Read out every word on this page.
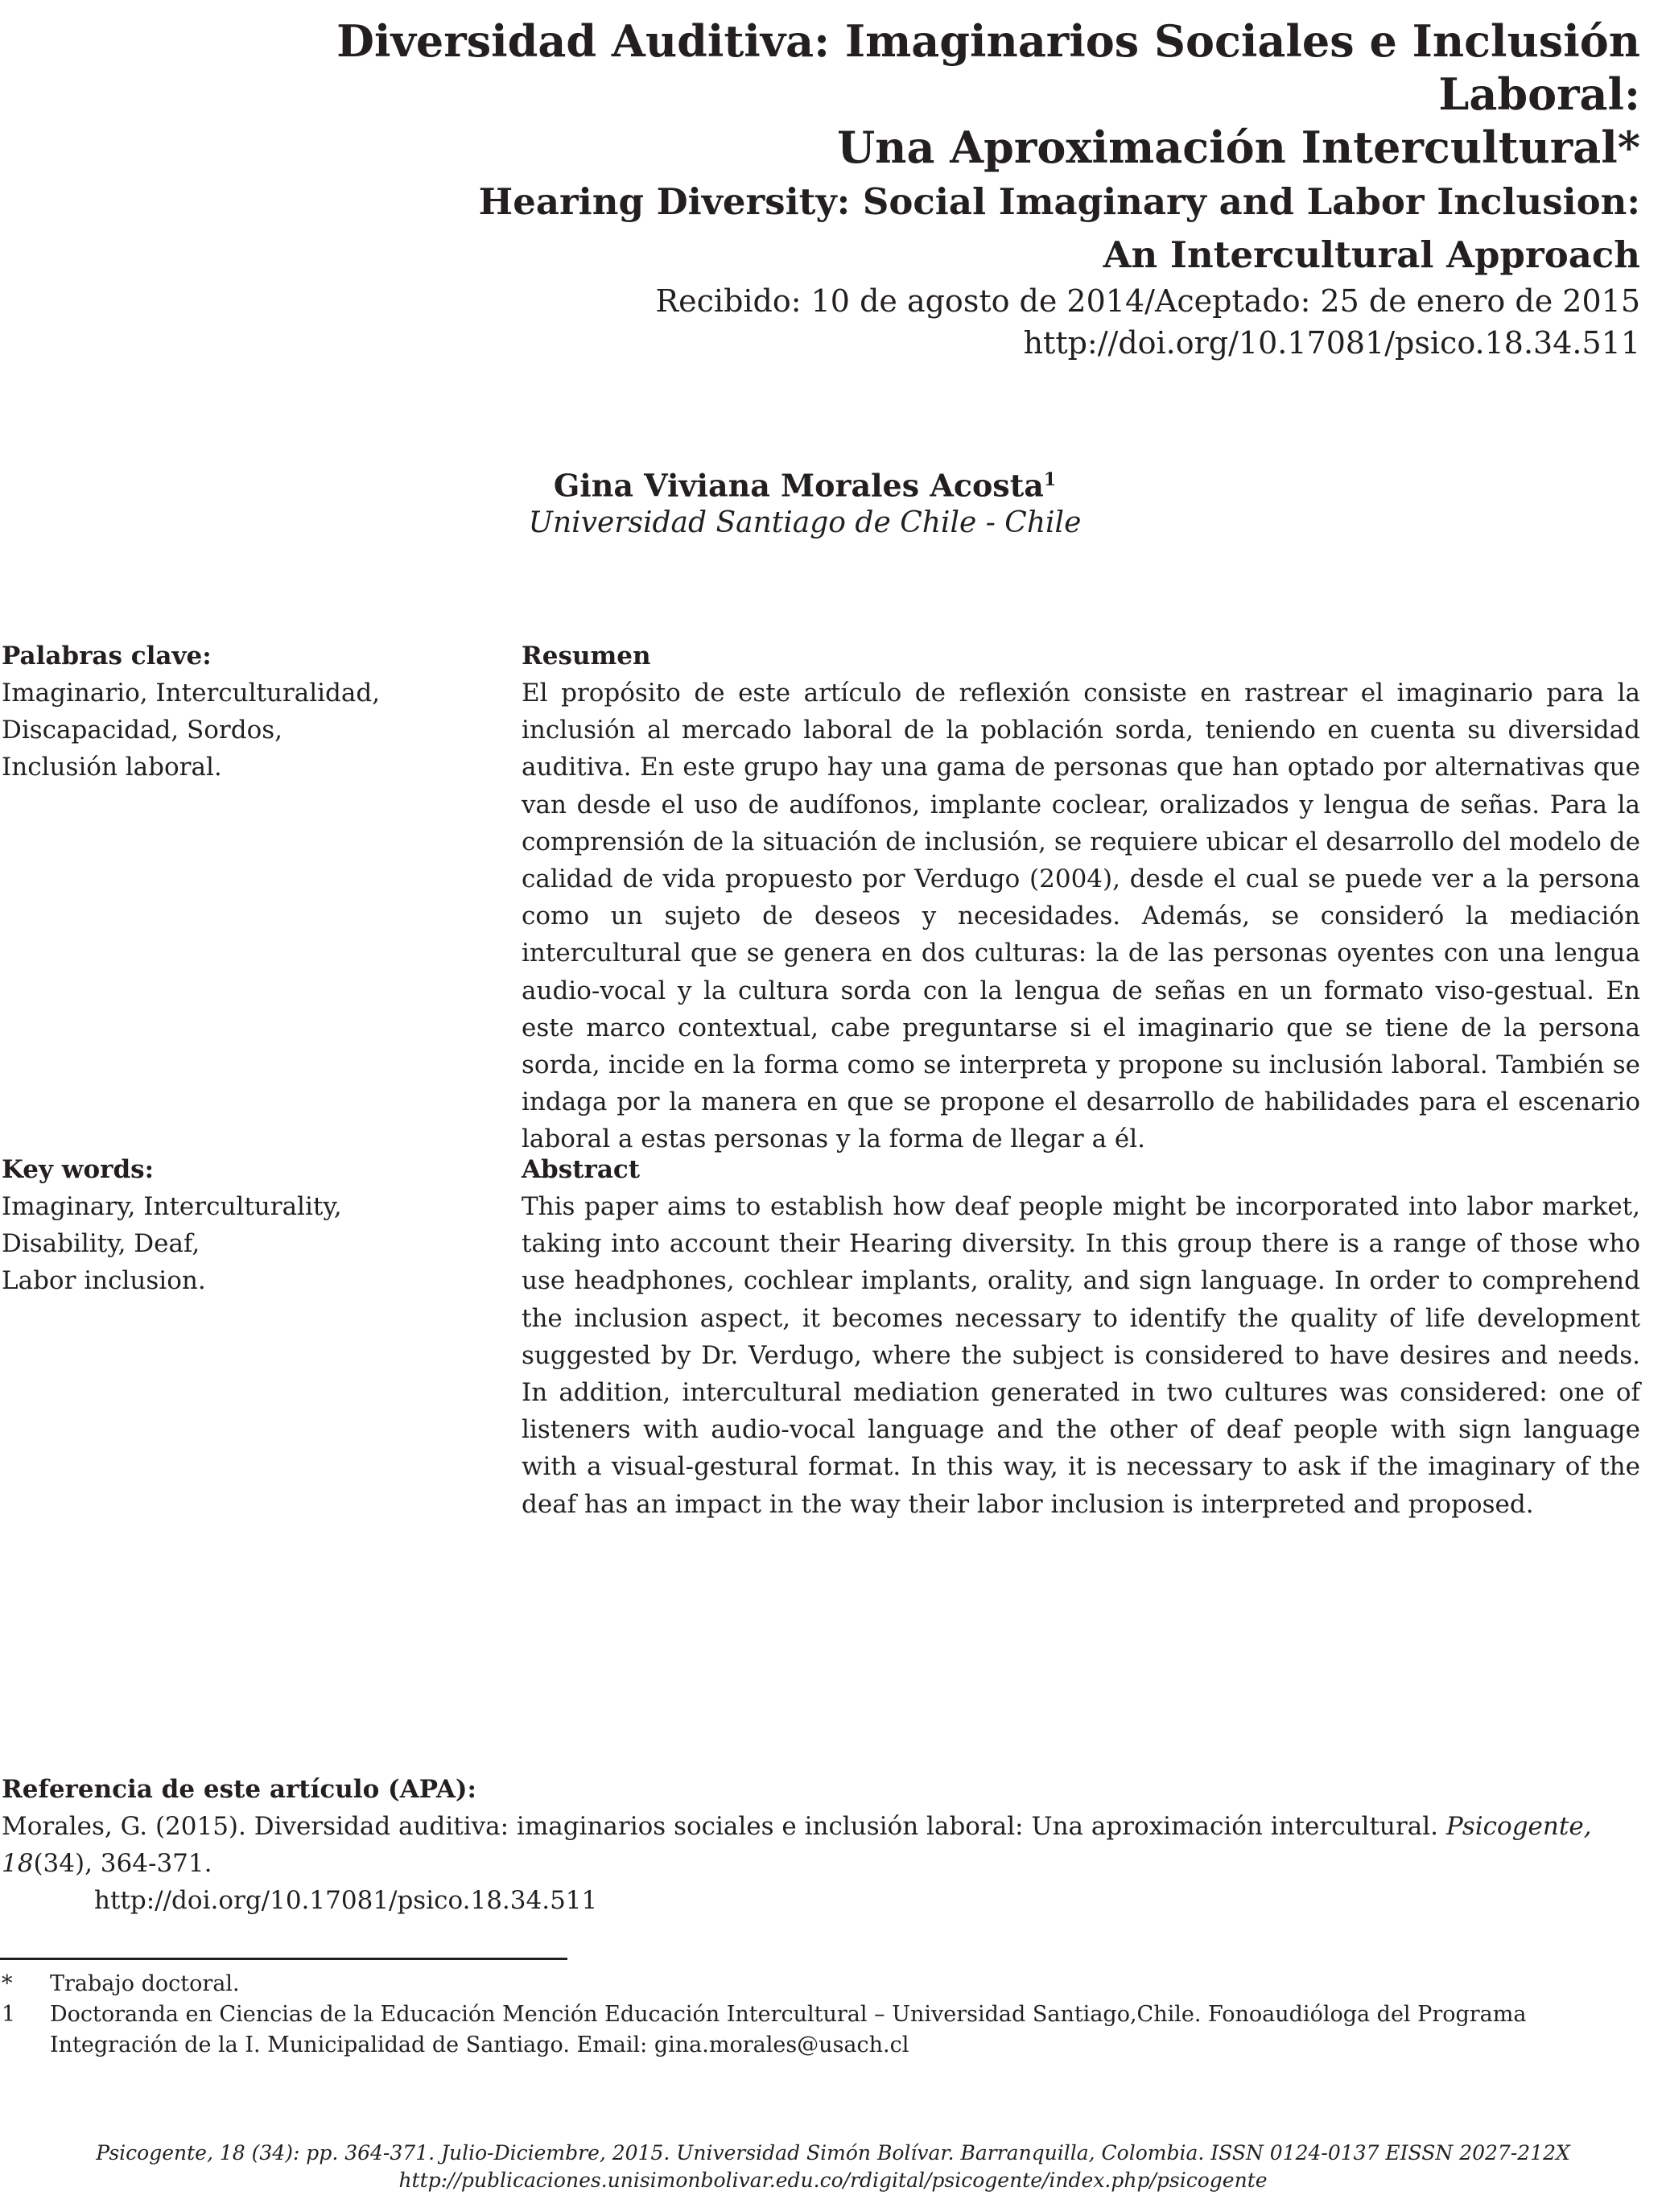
Diversidad Auditiva: Imaginarios Sociales e Inclusión Laboral:
Una Aproximación Intercultural*
Hearing Diversity: Social Imaginary and Labor Inclusion:
An Intercultural Approach
Recibido: 10 de agosto de 2014/Aceptado: 25 de enero de 2015
http://doi.org/10.17081/psico.18.34.511
Gina Viviana Morales Acosta$^1$
Universidad Santiago de Chile - Chile
Palabras clave:
Imaginario, Interculturalidad,
Discapacidad, Sordos,
Inclusión laboral.
Resumen

El propósito de este artículo de reflexión consiste en rastrear el imaginario para la inclusión al mercado laboral de la población sorda, teniendo en cuenta su diversidad auditiva. En este grupo hay una gama de personas que han optado por alternativas que van desde el uso de audífonos, implante coclear, oralizados y lengua de señas. Para la comprensión de la situación de inclusión, se requiere ubicar el desarrollo del modelo de calidad de vida propuesto por Verdugo (2004), desde el cual se puede ver a la persona como un sujeto de deseos y necesidades. Además, se consideró la mediación intercultural que se genera en dos culturas: la de las personas oyentes con una lengua audio-vocal y la cultura sorda con la lengua de señas en un formato viso-gestual. En este marco contextual, cabe preguntarse si el imaginario que se tiene de la persona sorda, incide en la forma como se interpreta y propone su inclusión laboral. También se indaga por la manera en que se propone el desarrollo de habilidades para el escenario laboral a estas personas y la forma de llegar a él.

Key words:
Imaginary, Interculturality,
Disability, Deaf,
Labor inclusion.
Abstract

This paper aims to establish how deaf people might be incorporated into labor market, taking into account their Hearing diversity. In this group there is a range of those who use headphones, cochlear implants, orality, and sign language. In order to comprehend the inclusion aspect, it becomes necessary to identify the quality of life development suggested by Dr. Verdugo, where the subject is considered to have desires and needs. In addition, intercultural mediation generated in two cultures was considered: one of listeners with audio-vocal language and the other of deaf people with sign language with a visual-gestural format. In this way, it is necessary to ask if the imaginary of the deaf has an impact in the way their labor inclusion is interpreted and proposed.

Referencia de este artículo (APA):
Morales, G. (2015). Diversidad auditiva: imaginarios sociales e inclusión laboral: Una aproximación intercultural. Psicogente, 18(34), 364-371.
http://doi.org/10.17081/psico.18.34.511
*	Trabajo doctoral.
1	Doctoranda en Ciencias de la Educación Mención Educación Intercultural – Universidad Santiago,Chile. Fonoaudióloga del Programa Integración de la I. Municipalidad de Santiago. Email: gina.morales@usach.cl
Psicogente, 18 (34): pp. 364-371. Julio-Diciembre, 2015. Universidad Simón Bolívar. Barranquilla, Colombia. ISSN 0124-0137 EISSN 2027-212X
http://publicaciones.unisimonbolivar.edu.co/rdigital/psicogente/index.php/psicogente
